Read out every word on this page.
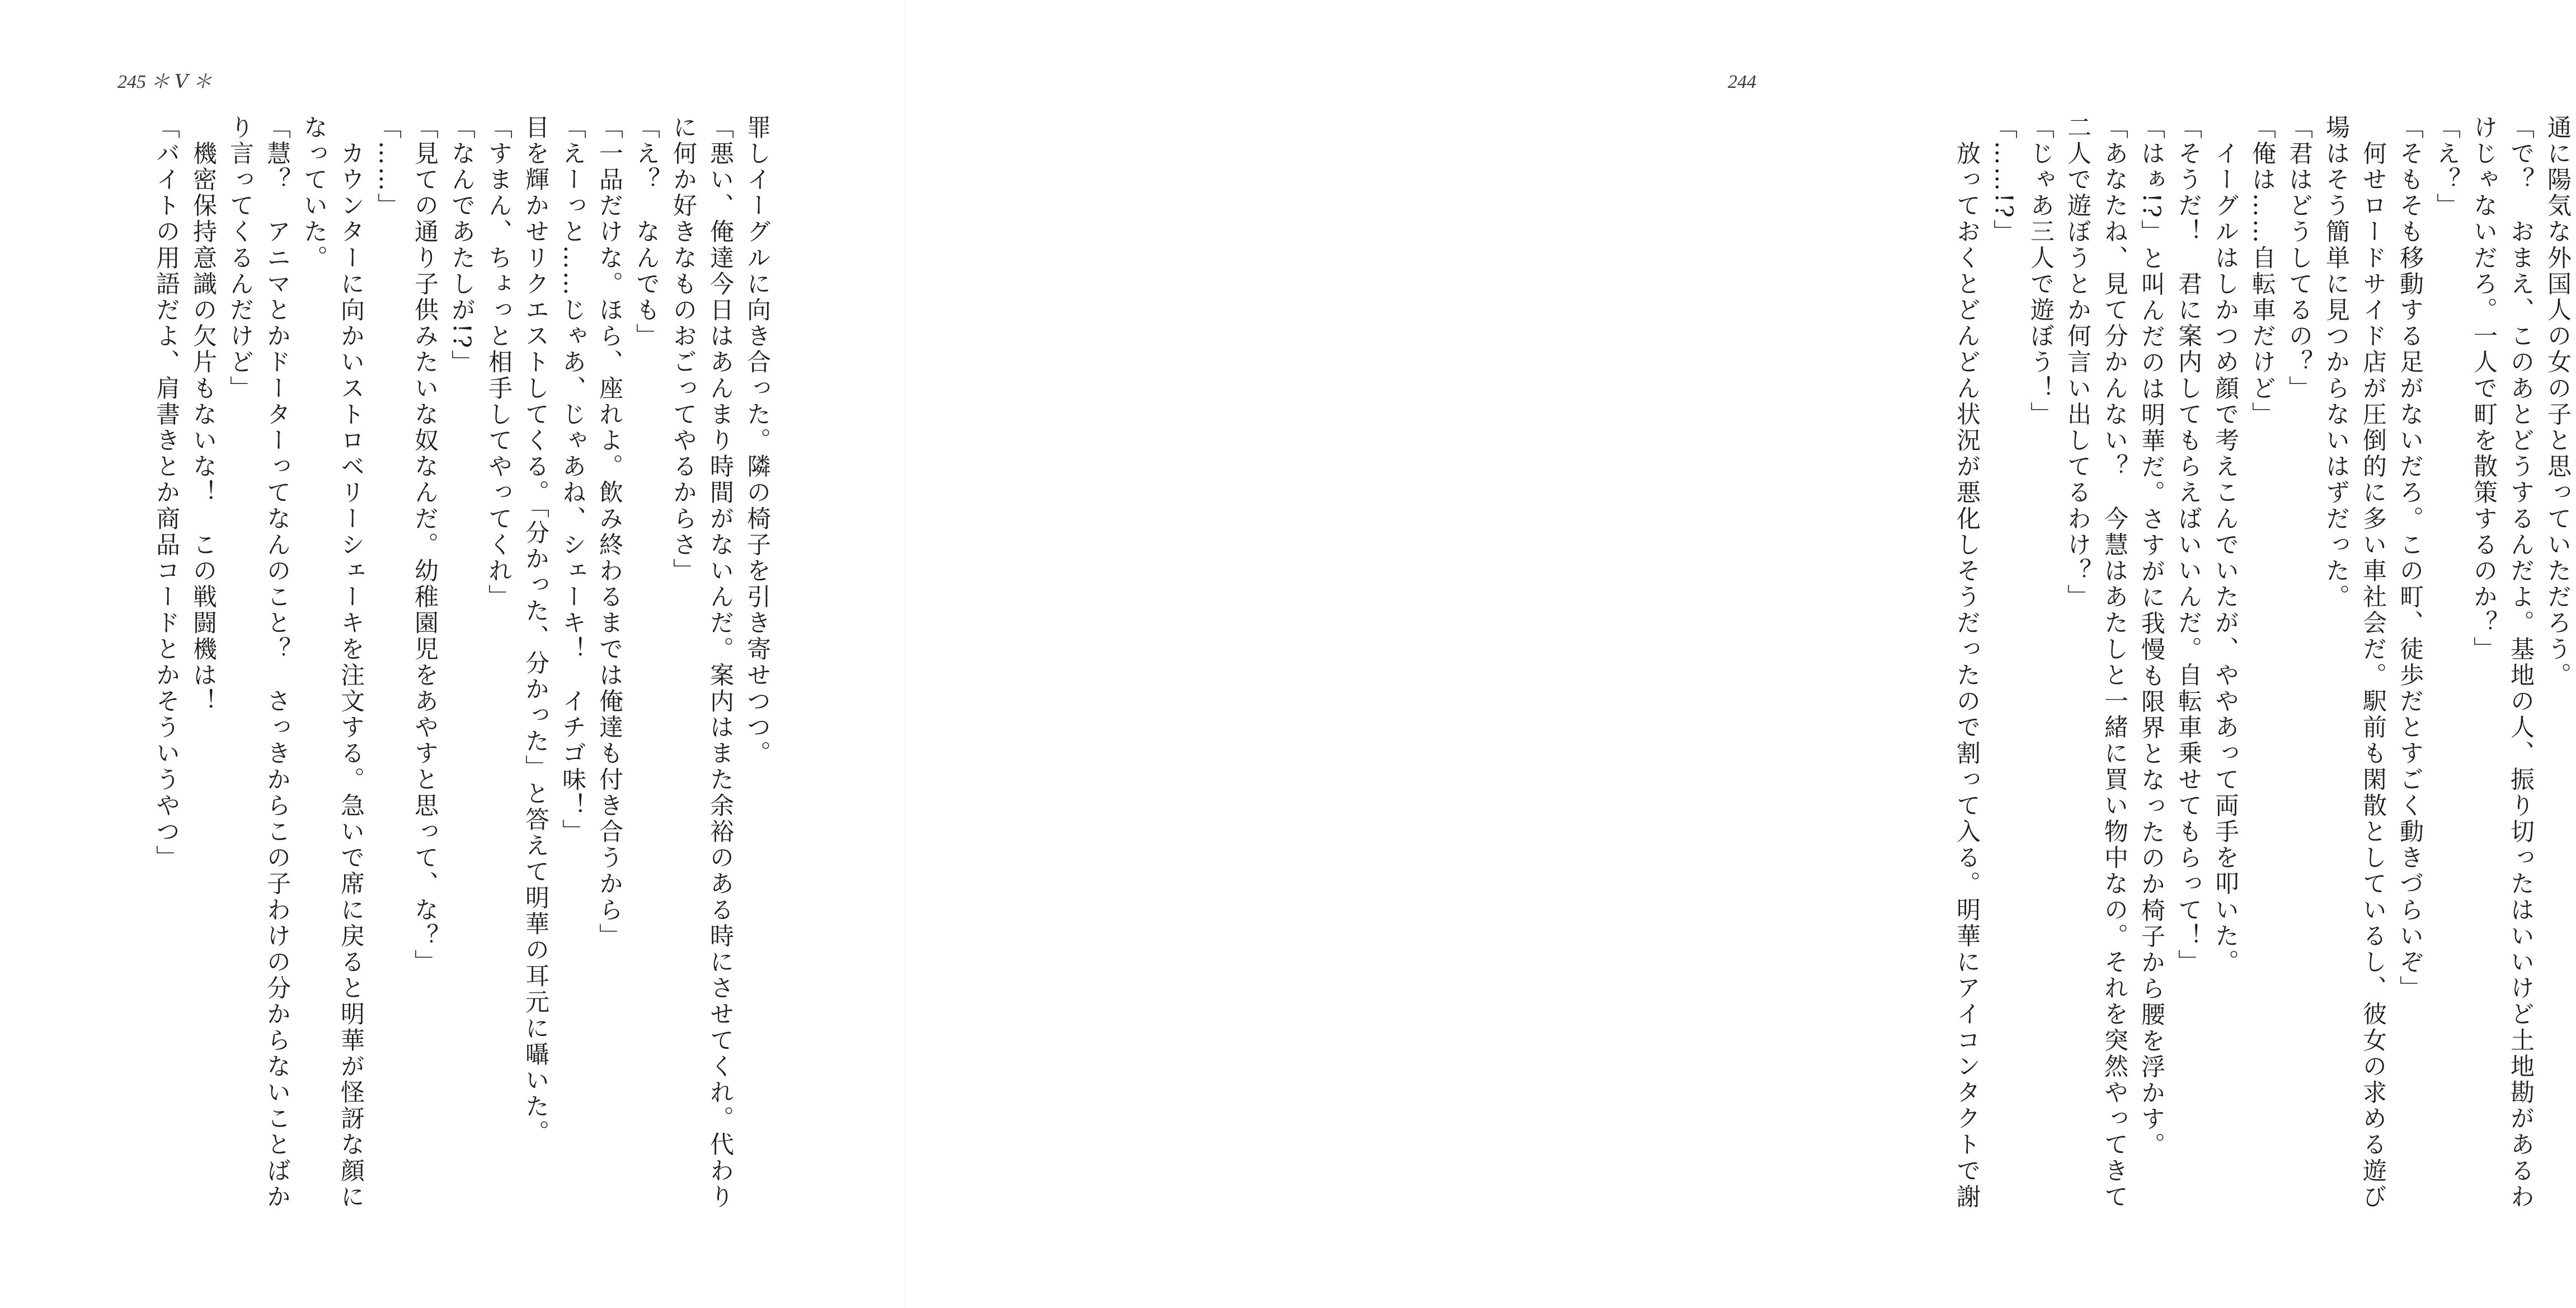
245 ＊ Ⅴ ＊
罪しイーグルに向き合った。隣の椅子を引き寄せつつ。
「悪い、俺達今日はあんまり時間がないんだ。案内はまた余裕のある時にさせてくれ。代わり
に何か好きなものおごってやるからさ」
「え？　なんでも」
「一品だけな。ほら、座れよ。飲み終わるまでは俺達も付き合うから」
「えーっと……じゃあ、じゃあね、シェーキ！　イチゴ味！」
目を輝かせリクエストしてくる。「分かった、分かった」と答えて明華の耳元に囁いた。
「すまん、ちょっと相手してやってくれ」
「なんであたしが!?」
「見ての通り子供みたいな奴なんだ。幼稚園児をあやすと思って、な？」
「……」
　カウンターに向かいストロベリーシェーキを注文する。急いで席に戻ると明華が怪訝な顔に
なっていた。
「慧？　アニマとかドーターってなんのこと？　さっきからこの子わけの分からないことばか
り言ってくるんだけど」
　機密保持意識の欠片もないな！　この戦闘機は！
「バイトの用語だよ、肩書きとか商品コードとかそういうやつ」
244
通に陽気な外国人の女の子と思っていただろう。
「で？　おまえ、このあとどうするんだよ。基地の人、振り切ったはいいけど土地勘があるわ
けじゃないだろ。一人で町を散策するのか？」
「え？」
「そもそも移動する足がないだろ。この町、徒歩だとすごく動きづらいぞ」
　何せロードサイド店が圧倒的に多い車社会だ。駅前も閑散としているし、彼女の求める遊び
場はそう簡単に見つからないはずだった。
「君はどうしてるの？」
「俺は……自転車だけど」
　イーグルはしかつめ顔で考えこんでいたが、ややあって両手を叩いた。
「そうだ！　君に案内してもらえばいいんだ。自転車乗せてもらって！」
「はぁ!?」と叫んだのは明華だ。さすがに我慢も限界となったのか椅子から腰を浮かす。
「あなたね、見て分かんない？　今慧はあたしと一緒に買い物中なの。それを突然やってきて
二人で遊ぼうとか何言い出してるわけ？」
「じゃあ三人で遊ぼう！」
「……!?」
　放っておくとどんどん状況が悪化しそうだったので割って入る。明華にアイコンタクトで謝
